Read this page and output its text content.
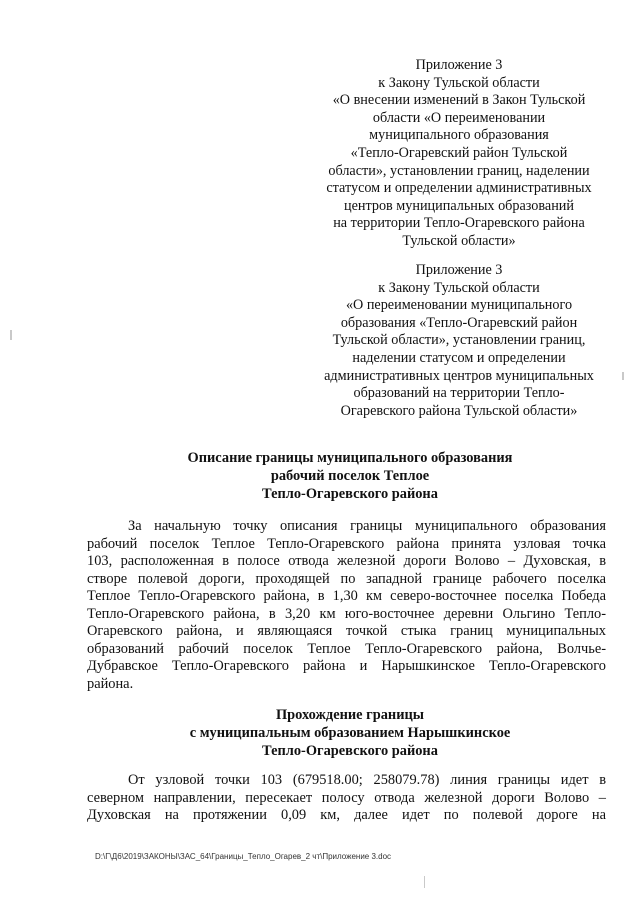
Приложение 3
к Закону Тульской области
«О внесении изменений в Закон Тульской
области «О переименовании
муниципального образования
«Тепло-Огаревский район Тульской
области», установлении границ, наделении
статусом и определении административных
центров муниципальных образований
на территории Тепло-Огаревского района
Тульской области»
Приложение 3
к Закону Тульской области
«О переименовании муниципального
образования «Тепло-Огаревский район
Тульской области», установлении границ,
наделении статусом и определении
административных центров муниципальных
образований на территории Тепло-
Огаревского района Тульской области»
Описание границы муниципального образования
рабочий поселок Теплое
Тепло-Огаревского района
За начальную точку описания границы муниципального образования
рабочий поселок Теплое Тепло-Огаревского района принята узловая точка
103, расположенная в полосе отвода железной дороги Волово – Духовская, в
створе полевой дороги, проходящей по западной границе рабочего поселка
Теплое Тепло-Огаревского района, в 1,30 км северо-восточнее поселка Победа
Тепло-Огаревского района, в 3,20 км юго-восточнее деревни Ольгино Тепло-
Огаревского района, и являющаяся точкой стыка границ муниципальных
образований рабочий поселок Теплое Тепло-Огаревского района, Волчье-
Дубравское Тепло-Огаревского района и Нарышкинское Тепло-Огаревского
района.
Прохождение границы
с муниципальным образованием Нарышкинское
Тепло-Огаревского района
От узловой точки 103 (679518.00; 258079.78) линия границы идет в
северном направлении, пересекает полосу отвода железной дороги Волово –
Духовская на протяжении 0,09 км, далее идет по полевой дороге на
D:\Г\Д6\2019\ЗАКОНЫ\ЗАС_64\Границы_Тепло_Огарев_2 чт\Приложение 3.doc
